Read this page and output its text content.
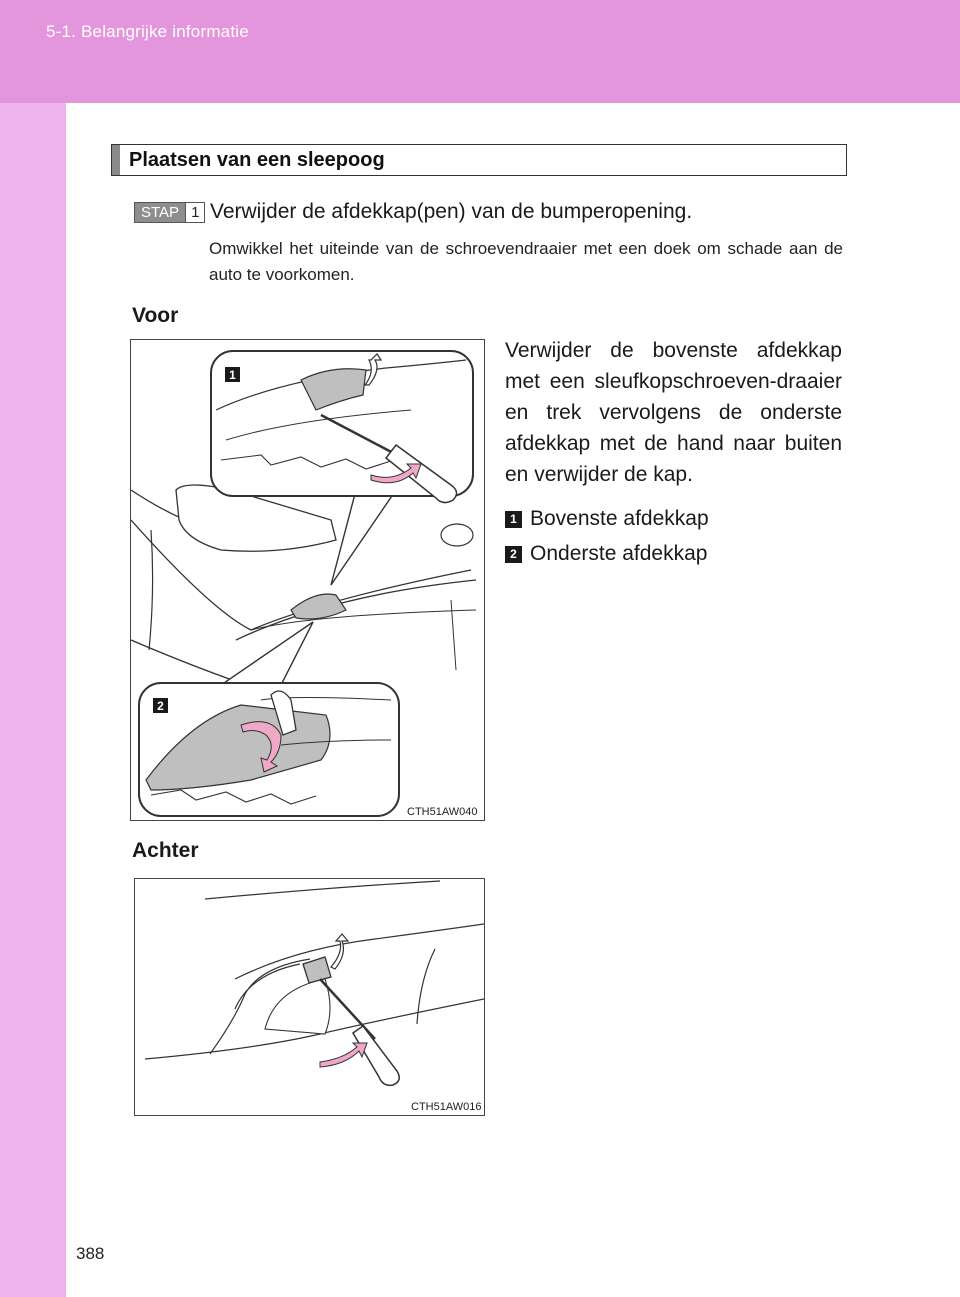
5-1. Belangrijke informatie
Plaatsen van een sleepoog
STAP 1 Verwijder de afdekkap(pen) van de bumperopening.
Omwikkel het uiteinde van de schroevendraaier met een doek om schade aan de auto te voorkomen.
Voor
1
2
CTH51AW040
Verwijder de bovenste afdekkap met een sleufkopschroeven-draaier en trek vervolgens de onderste afdekkap met de hand naar buiten en verwijder de kap.
1 Bovenste afdekkap
2 Onderste afdekkap
Achter
CTH51AW016
388
